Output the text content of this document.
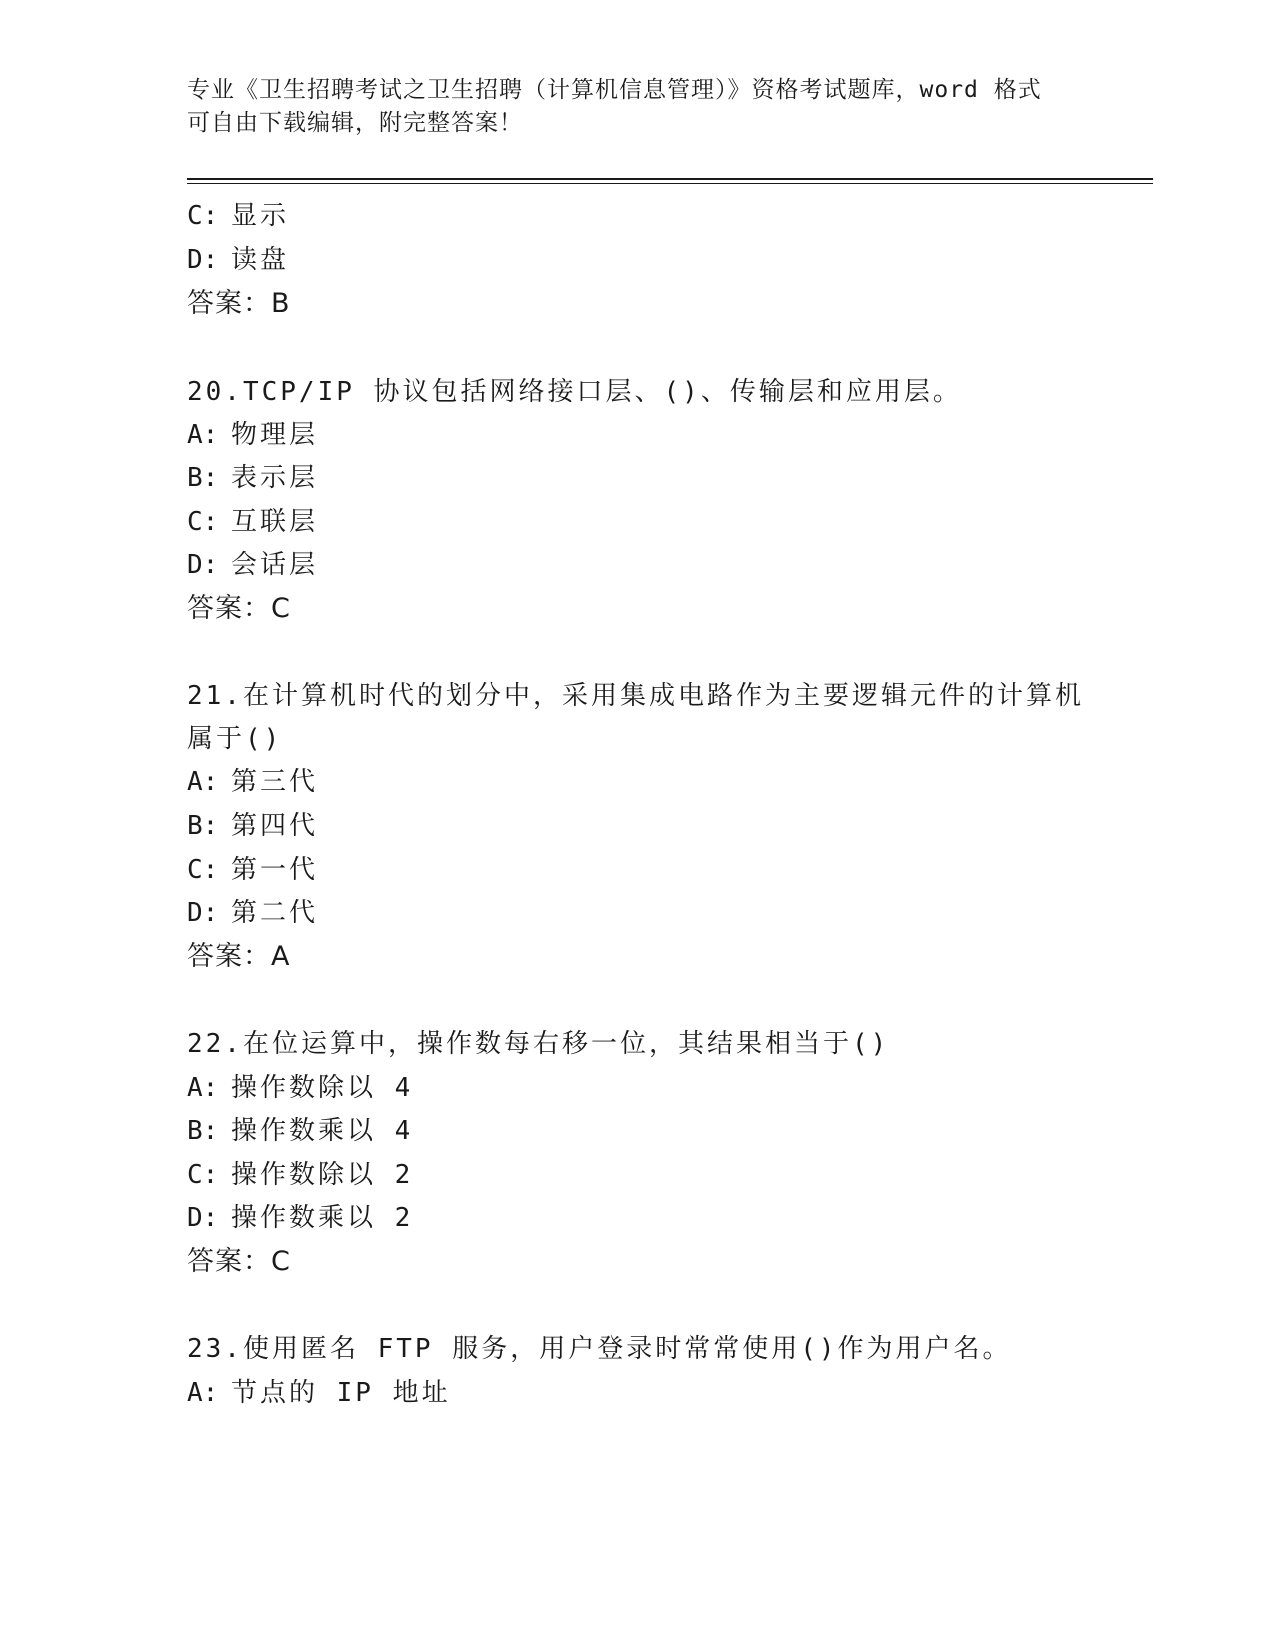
专业《卫生招聘考试之卫生招聘（计算机信息管理）》资格考试题库，word 格式
可自由下载编辑，附完整答案！
C: 显示
D: 读盘
答案：B
20.TCP/IP 协议包括网络接口层、()、传输层和应用层。
A: 物理层
B: 表示层
C: 互联层
D: 会话层
答案：C
21.在计算机时代的划分中，采用集成电路作为主要逻辑元件的计算机
属于()
A: 第三代
B: 第四代
C: 第一代
D: 第二代
答案：A
22.在位运算中，操作数每右移一位，其结果相当于()
A: 操作数除以 4
B: 操作数乘以 4
C: 操作数除以 2
D: 操作数乘以 2
答案：C
23.使用匿名 FTP 服务，用户登录时常常使用()作为用户名。
A: 节点的 IP 地址
